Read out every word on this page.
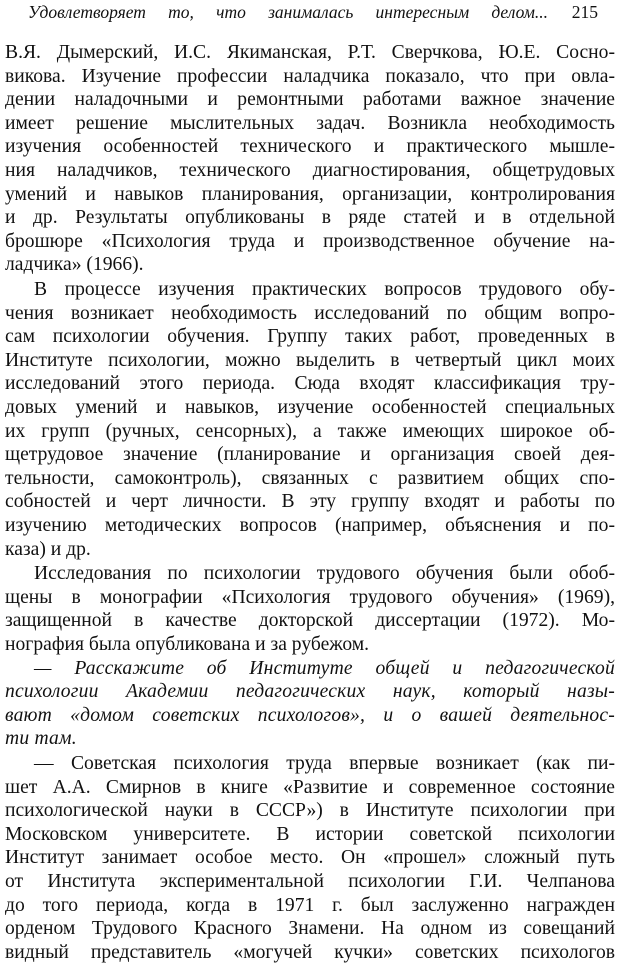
Удовлетворяет то, что занималась интересным делом... 215
В.Я. Дымерский, И.С. Якиманская, Р.Т. Сверчкова, Ю.Е. Сосно-
викова. Изучение профессии наладчика показало, что при овла-
дении наладочными и ремонтными работами важное значение
имеет решение мыслительных задач. Возникла необходимость
изучения особенностей технического и практического мышле-
ния наладчиков, технического диагностирования, общетрудовых
умений и навыков планирования, организации, контролирования
и др. Результаты опубликованы в ряде статей и в отдельной
брошюре «Психология труда и производственное обучение на-
ладчика» (1966).
В процессе изучения практических вопросов трудового обу-
чения возникает необходимость исследований по общим вопро-
сам психологии обучения. Группу таких работ, проведенных в
Институте психологии, можно выделить в четвертый цикл моих
исследований этого периода. Сюда входят классификация тру-
довых умений и навыков, изучение особенностей специальных
их групп (ручных, сенсорных), а также имеющих широкое об-
щетрудовое значение (планирование и организация своей дея-
тельности, самоконтроль), связанных с развитием общих спо-
собностей и черт личности. В эту группу входят и работы по
изучению методических вопросов (например, объяснения и по-
каза) и др.
Исследования по психологии трудового обучения были обоб-
щены в монографии «Психология трудового обучения» (1969),
защищенной в качестве докторской диссертации (1972). Мо-
нография была опубликована и за рубежом.
— Расскажите об Институте общей и педагогической
психологии Академии педагогических наук, который назы-
вают «домом советских психологов», и о вашей деятельнос-
ти там.
— Советская психология труда впервые возникает (как пи-
шет А.А. Смирнов в книге «Развитие и современное состояние
психологической науки в СССР») в Институте психологии при
Московском университете. В истории советской психологии
Институт занимает особое место. Он «прошел» сложный путь
от Института экспериментальной психологии Г.И. Челпанова
до того периода, когда в 1971 г. был заслуженно награжден
орденом Трудового Красного Знамени. На одном из совещаний
видный представитель «могучей кучки» советских психологов
